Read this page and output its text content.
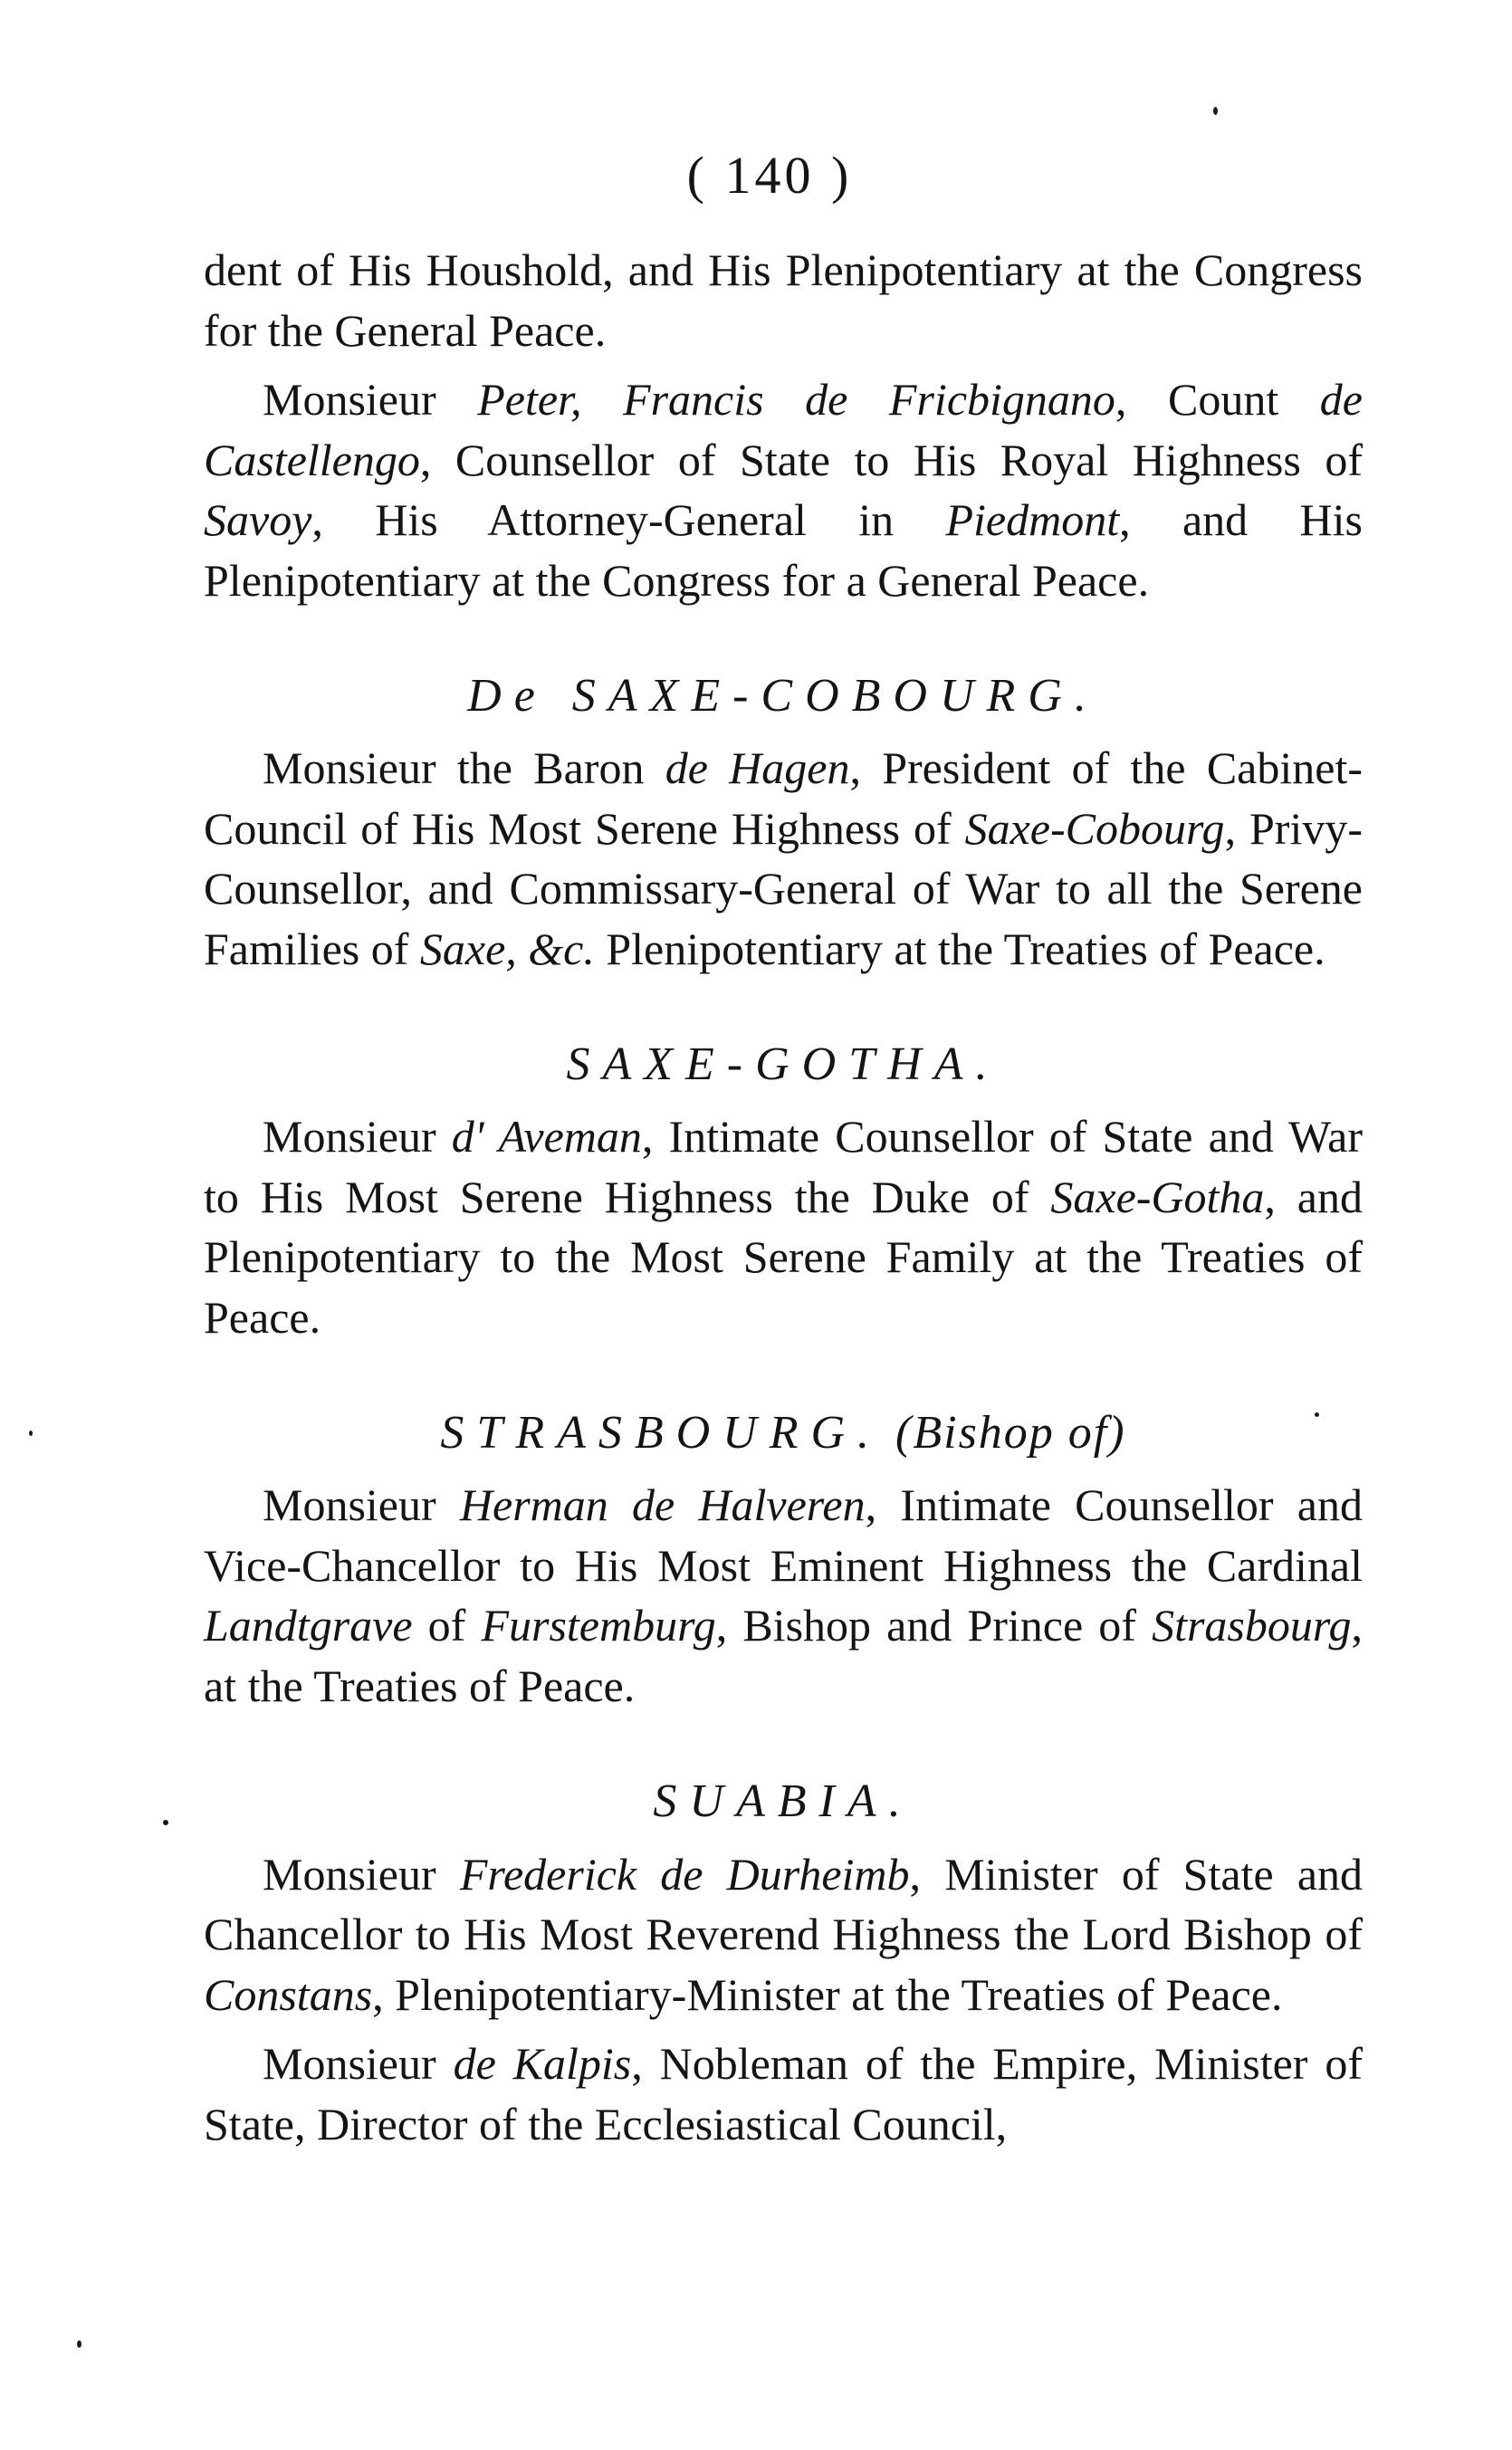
( 140 )

dent of His Houshold, and His Plenipotentiary at the Congress for the General Peace.

Monsieur Peter, Francis de Fricbignano, Count de Castellengo, Counsellor of State to His Royal Highness of Savoy, His Attorney-General in Piedmont, and His Plenipotentiary at the Congress for a General Peace.

De SAXE-COBOURG.

Monsieur the Baron de Hagen, President of the Cabinet-Council of His Most Serene Highness of Saxe-Cobourg, Privy-Counsellor, and Commissary-General of War to all the Serene Families of Saxe, &c. Plenipotentiary at the Treaties of Peace.

SAXE-GOTHA.

Monsieur d' Aveman, Intimate Counsellor of State and War to His Most Serene Highness the Duke of Saxe-Gotha, and Plenipotentiary to the Most Serene Family at the Treaties of Peace.

STRASBOURG. (Bishop of)

Monsieur Herman de Halveren, Intimate Counsellor and Vice-Chancellor to His Most Eminent Highness the Cardinal Landtgrave of Furstemburg, Bishop and Prince of Strasbourg, at the Treaties of Peace.

SUABIA.

Monsieur Frederick de Durheimb, Minister of State and Chancellor to His Most Reverend Highness the Lord Bishop of Constans, Plenipotentiary-Minister at the Treaties of Peace.

Monsieur de Kalpis, Nobleman of the Empire, Minister of State, Director of the Ecclesiastical Council,
